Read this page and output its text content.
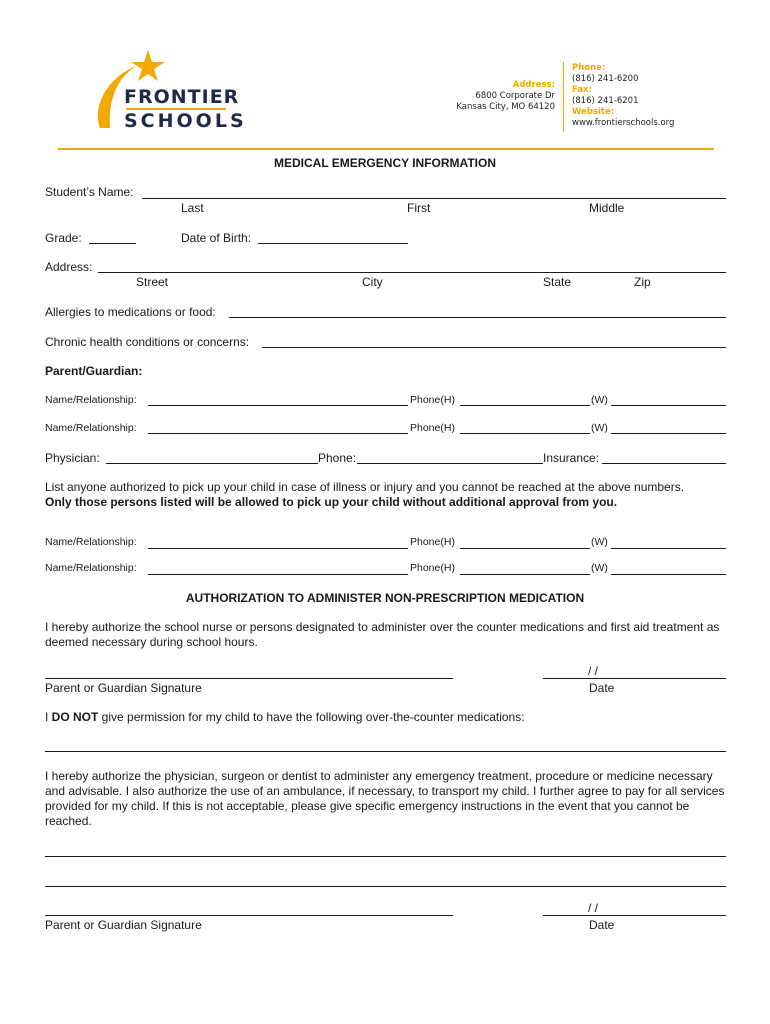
FRONTIER
SCHOOLS
Address:
6800 Corporate Dr
Kansas City, MO 64120
Phone:
(816) 241-6200
Fax:
(816) 241-6201
Website:
www.frontierschools.org
MEDICAL EMERGENCY INFORMATION
Student’s Name:
Last	First	Middle
Grade:	Date of Birth:
Address:
Street	City	State	Zip
Allergies to medications or food:
Chronic health conditions or concerns:
Parent/Guardian:
Name/Relationship:	Phone(H)	(W)
Name/Relationship:	Phone(H)	(W)
Physician:	Phone:	Insurance:
List anyone authorized to pick up your child in case of illness or injury and you cannot be reached at the above numbers.
Only those persons listed will be allowed to pick up your child without additional approval from you.
Name/Relationship:	Phone(H)	(W)
Name/Relationship:	Phone(H)	(W)
AUTHORIZATION TO ADMINISTER NON-PRESCRIPTION MEDICATION
I hereby authorize the school nurse or persons designated to administer over the counter medications and first aid treatment as deemed necessary during school hours.
/ /
Parent or Guardian Signature	Date
I DO NOT give permission for my child to have the following over-the-counter medications:
I hereby authorize the physician, surgeon or dentist to administer any emergency treatment, procedure or medicine necessary and advisable. I also authorize the use of an ambulance, if necessary, to transport my child. I further agree to pay for all services provided for my child. If this is not acceptable, please give specific emergency instructions in the event that you cannot be reached.
/ /
Parent or Guardian Signature	Date
